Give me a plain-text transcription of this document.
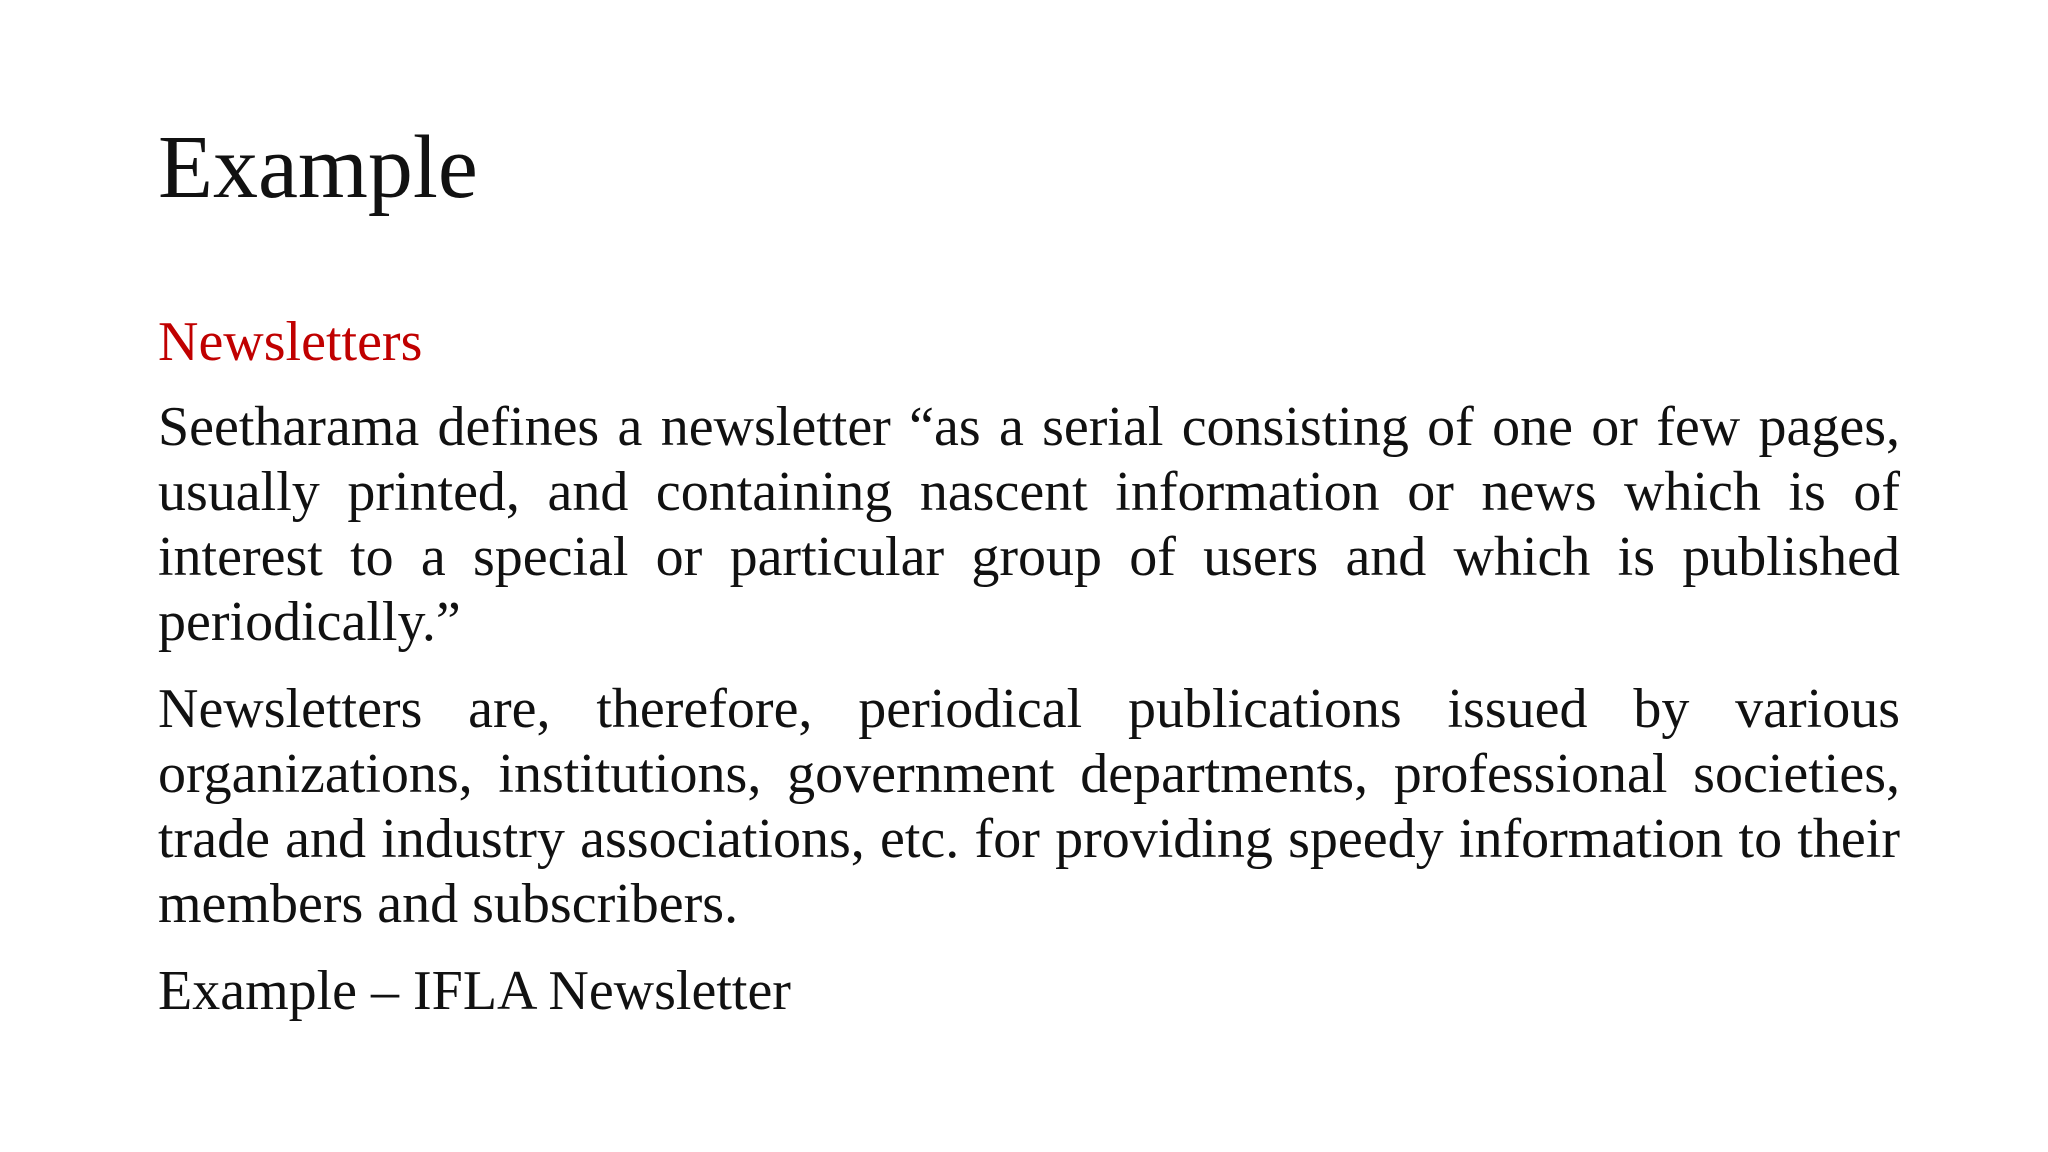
Example

Newsletters

Seetharama defines a newsletter “as a serial consisting of one or few pages, usually printed, and containing nascent information or news which is of interest to a special or particular group of users and which is published periodically.”

Newsletters are, therefore, periodical publications issued by various organizations, institutions, government departments, professional societies, trade and industry associations, etc. for providing speedy information to their members and subscribers.

Example – IFLA Newsletter
